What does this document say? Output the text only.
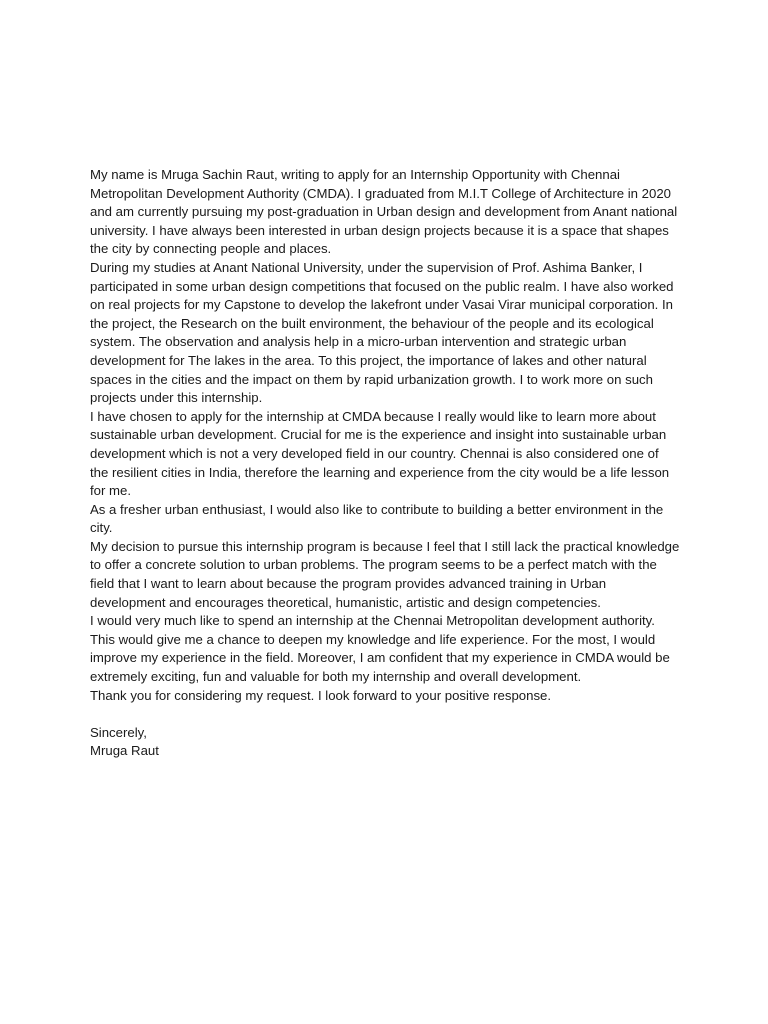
My name is Mruga Sachin Raut, writing to apply for an Internship Opportunity with Chennai Metropolitan Development Authority (CMDA). I graduated from M.I.T College of Architecture in 2020 and am currently pursuing my post-graduation in Urban design and development from Anant national university. I have always been interested in urban design projects because it is a space that shapes the city by connecting people and places.

During my studies at Anant National University, under the supervision of Prof. Ashima Banker, I participated in some urban design competitions that focused on the public realm. I have also worked on real projects for my Capstone to develop the lakefront under Vasai Virar municipal corporation. In the project, the Research on the built environment, the behaviour of the people and its ecological system. The observation and analysis help in a micro-urban intervention and strategic urban development for The lakes in the area. To this project, the importance of lakes and other natural spaces in the cities and the impact on them by rapid urbanization growth. I to work more on such projects under this internship.

I have chosen to apply for the internship at CMDA because I really would like to learn more about sustainable urban development. Crucial for me is the experience and insight into sustainable urban development which is not a very developed field in our country. Chennai is also considered one of the resilient cities in India, therefore the learning and experience from the city would be a life lesson for me.

As a fresher urban enthusiast, I would also like to contribute to building a better environment in the city.

My decision to pursue this internship program is because I feel that I still lack the practical knowledge to offer a concrete solution to urban problems. The program seems to be a perfect match with the field that I want to learn about because the program provides advanced training in Urban development and encourages theoretical, humanistic, artistic and design competencies.

I would very much like to spend an internship at the Chennai Metropolitan development authority. This would give me a chance to deepen my knowledge and life experience. For the most, I would improve my experience in the field. Moreover, I am confident that my experience in CMDA would be extremely exciting, fun and valuable for both my internship and overall development.

Thank you for considering my request. I look forward to your positive response.

Sincerely,

Mruga Raut
